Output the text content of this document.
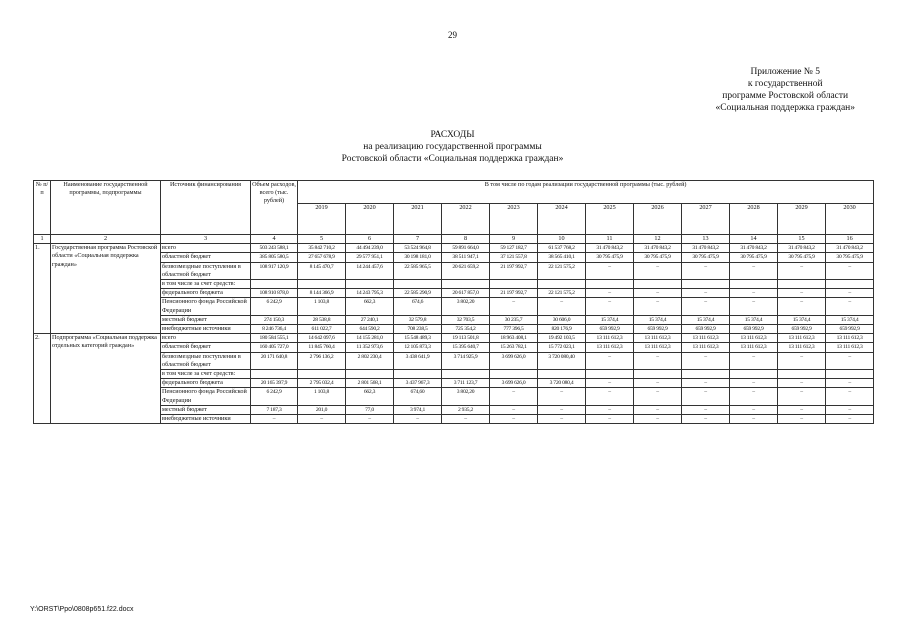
29
Приложение № 5
к государственной
программе Ростовской области
«Социальная поддержка граждан»
РАСХОДЫ
на реализацию государственной программы
Ростовской области «Социальная поддержка граждан»
№ п/п	Наименование государственной программы, подпрограммы	Источник финансирования	Объем расходов, всего (тыс. рублей)	В том числе по годам реализации государственной программы (тыс. рублей)											
				2019	2020	2021	2022	2023	2024	2025	2026	2027	2028	2029	2030
1	2	3	4	5	6	7	8	9	10	11	12	13	14	15	16
1.	Государственная программа Ростовской области «Социальная поддержка граждан»	всего	503 243 588,1	35 842 710,2	44 494 239,0	53 524 964,8	59 891 664,0	59 127 182,7	61 537 768,2	31 470 843,2	31 470 843,2	31 470 843,2	31 470 843,2	31 470 843,2	31 470 843,2
		областной бюджет	385 805 580,5	27 657 678,9	29 577 951,1	30 198 181,0	38 511 947,1	37 121 557,8	38 565 410,1	30 795 475,9	30 795 475,9	30 795 475,9	30 795 475,9	30 795 475,9	30 795 475,9
		безвозмездные поступления в областной бюджет	108 917 120,9	8 145 470,7	14 244 457,6	22 585 965,5	20 621 659,2	21 197 992,7	22 121 575,2	–	–	–	–	–	–
		в том числе за счет средств:													
		федерального бюджета	108 910 878,0	8 144 366,9	14 243 795,3	22 585 290,9	20 617 857,0	21 197 992,7	22 121 575,2	–	–	–	–	–	–
		Пенсионного фонда Российской Федерации	6 242,9	1 103,8	662,3	674,6	3 802,20	–	–	–	–	–	–	–	–
		местный бюджет	274 150,3	28 538,8	27 240,1	32 579,8	32 703,5	30 235,7	30 606,0	15 374,4	15 374,4	15 374,4	15 374,4	15 374,4	15 374,4
		внебюджетные источники	8 246 736,4	611 022,7	644 590,2	708 238,5	725 354,2	777 396,5	820 176,9	659 992,9	659 992,9	659 992,9	659 992,9	659 992,9	659 992,9
2.	Подпрограмма «Социальная поддержка отдельных категорий граждан»	всего	180 584 555,1	14 642 097,6	14 155 281,0	15 548 489,3	19 113 501,8	18 963 408,1	19 492 103,5	13 111 612,3	13 111 612,3	13 111 612,3	13 111 612,3	13 111 612,3	13 111 612,3
		областной бюджет	160 405 727,0	11 845 760,4	11 352 973,6	12 105 873,3	15 395 640,7	15 263 782,1	15 772 023,1	13 111 612,3	13 111 612,3	13 111 612,3	13 111 612,3	13 111 612,3	13 111 612,3
		безвозмездные поступления в областной бюджет	20 171 640,8	2 796 136,2	2 802 230,4	3 438 641,9	3 714 925,9	3 699 626,0	3 720 080,40	–	–	–	–	–	–
		в том числе за счет средств:													
		федерального бюджета	20 165 397,9	2 795 032,4	2 801 568,1	3 437 967,3	3 711 123,7	3 699 626,0	3 720 080,4	–	–	–	–	–	–
		Пенсионного фонда Российской Федерации	6 242,9	1 103,8	662,3	674,60	3 802,20	–	–	–	–	–	–	–	–
		местный бюджет	7 187,3	201,0	77,0	3 974,1	2 935,2	–	–	–	–	–	–	–	–
		внебюджетные источники	–	–	–	–	–	–	–	–	–	–	–	–	–
Y:\ORST\Ppo\0808p651.f22.docx
